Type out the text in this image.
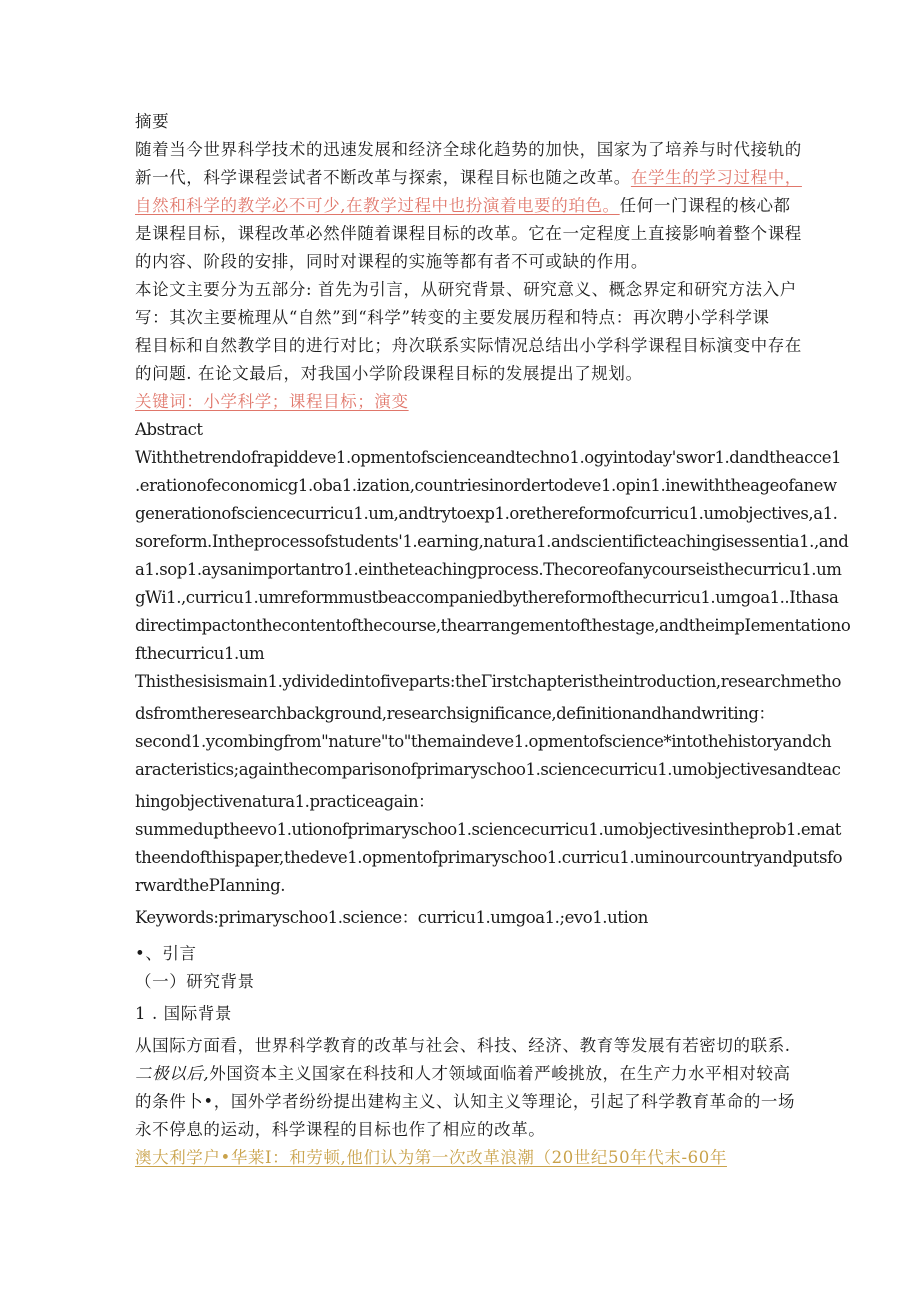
摘要

随着当今世界科学技术的迅速发展和经济全球化趋势的加快，国家为了培养与时代接轨的

新一代，科学课程尝试者不断改革与探索，课程目标也随之改革。在学生的学习过程中，

自然和科学的教学必不可少,在教学过程中也扮演着电要的珀色。任何一门课程的核心都

是课程目标，课程改革必然伴随着课程目标的改革。它在一定程度上直接影响着整个课程

的内容、阶段的安排，同时对课程的实施等都有者不可或缺的作用。

本论文主要分为五部分: 首先为引言，从研究背景、研究意义、概念界定和研究方法入户

写：其次主要梳理从“自然”到“科学”转变的主要发展历程和特点：再次聘小学科学课

程目标和自然教学目的进行对比；舟次联系实际情况总结出小学科学课程目标演变中存在

的问题. 在论文最后，对我国小学阶段课程目标的发展提出了规划。

关键词：小学科学；课程目标；演变

Abstract

Withthetrendofrapiddeve1.opmentofscienceandtechno1.ogyintoday'swor1.dandtheacce1

.erationofeconomicg1.oba1.ization,countriesinordertodeve1.opin1.inewiththeageofanew

generationofsciencecurricu1.um,andtrytoexp1.orethereformofcurricu1.umobjectives,a1.

soreform.Intheprocessofstudents'1.earning,natura1.andscientificteachingisessentia1.,and

a1.sop1.aysanimportantro1.eintheteachingprocess.Thecoreofanycourseisthecurricu1.um

gWi1.,curricu1.umreformmustbeaccompaniedbythereformofthecurricu1.umgoa1..Ithasa

directimpactonthecontentofthecourse,thearrangementofthestage,andtheimpIementationo

fthecurricu1.um

Thisthesisismain1.ydividedintofiveparts:theΓirstchapteristheintroduction,researchmetho

dsfromtheresearchbackground,researchsignificance,definitionandhandwriting：

second1.ycombingfrom"nature"to"themaindeve1.opmentofscience*intothehistoryandch

aracteristics;againthecomparisonofprimaryschoo1.sciencecurricu1.umobjectivesandteac

hingobjectivenatura1.practiceagain：

summeduptheevo1.utionofprimaryschoo1.sciencecurricu1.umobjectivesintheprob1.emat

theendofthispaper,thedeve1.opmentofprimaryschoo1.curricu1.uminourcountryandputsfo

rwardthePIanning.

Keywords:primaryschoo1.science：curricu1.umgoa1.;evo1.ution

•、引言

（一）研究背景

1 . 国际背景

从国际方面看，世界科学教育的改革与社会、科技、经济、教育等发展有若密切的联系.

二极以后,外国资本主义国家在科技和人才领域面临着严峻挑放，在生产力水平相对较高

的条件卜•，国外学者纷纷提出建构主义、认知主义等理论，引起了科学教育革命的一场

永不停息的运动，科学课程的目标也作了相应的改革。

澳大利学户•华莱I：和劳顿,他们认为第一次改革浪潮（20世纪50年代末-60年
